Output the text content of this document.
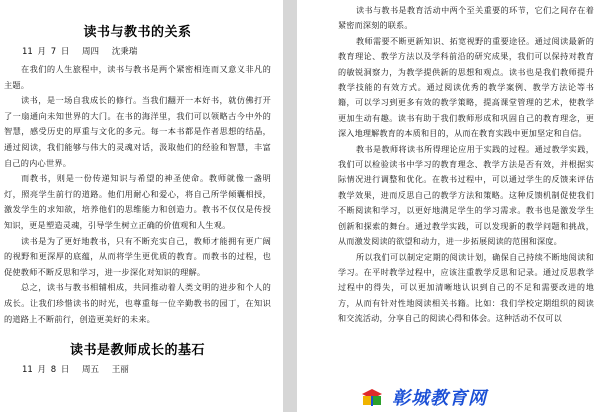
读书与教书的关系
11 月 7 日 周四 沈秉瑞

在我们的人生旅程中，读书与教书是两个紧密相连而又意义非凡的主题。

读书，是一场自我成长的修行。当我们翻开一本好书，就仿佛打开了一扇通向未知世界的大门。在书的海洋里，我们可以领略古今中外的智慧，感受历史的厚重与文化的多元。每一本书都是作者思想的结晶，通过阅读，我们能够与伟大的灵魂对话，汲取他们的经验和智慧，丰富自己的内心世界。

而教书，则是一份传递知识与希望的神圣使命。教师就像一盏明灯，照亮学生前行的道路。他们用耐心和爱心，将自己所学倾囊相授，激发学生的求知欲，培养他们的思维能力和创造力。教书不仅仅是传授知识，更是塑造灵魂，引导学生树立正确的价值观和人生观。

读书是为了更好地教书，只有不断充实自己，教师才能拥有更广阔的视野和更深厚的底蕴，从而将学生更优质的教育。而教书的过程，也促使教师不断反思和学习，进一步深化对知识的理解。

总之，读书与教书相辅相成，共同推动着人类文明的进步和个人的成长。让我们珍惜读书的时光，也尊重每一位辛勤教书的园丁，在知识的道路上不断前行，创造更美好的未来。

读书是教师成长的基石
11 月 8 日 周五 王丽

读书与教书是教育活动中两个至关重要的环节，它们之间存在着紧密而深刻的联系。

教师需要不断更新知识、拓宽视野的重要途径。通过阅读最新的教育理论、教学方法以及学科前沿的研究成果，我们可以保持对教育的敏锐洞察力，为教学提供新的思想和观点。读书也是我们教师提升教学技能的有效方式。通过阅读优秀的教学案例、教学方法论等书籍，可以学习到更多有效的教学策略，提高课堂管理的艺术，使教学更加生动有趣。读书有助于我们教师形成和巩固自己的教育理念，更深入地理解教育的本质和目的，从而在教育实践中更加坚定和自信。

教书是教师将读书所得理论应用于实践的过程。通过教学实践，我们可以检验读书中学习的教育理念、教学方法是否有效，并根据实际情况进行调整和优化。在教书过程中，可以通过学生的反馈来评估教学效果，进而反思自己的教学方法和策略。这种反馈机制促使我们不断阅读和学习，以更好地满足学生的学习需求。教书也是激发学生创新和探索的舞台。通过教学实践，可以发现新的教学问题和挑战，从而激发阅读的欲望和动力，进一步拓展阅读的范围和深度。

所以我们可以制定定期的阅读计划，确保自己持续不断地阅读和学习。在平时教学过程中，应该注重教学反思和记录。通过反思教学过程中的得失，可以更加清晰地认识到自己的不足和需要改进的地方，从而有针对性地阅读相关书籍。比如：我们学校定期组织的阅读和交流活动，分享自己的阅读心得和体会。这种活动不仅可以

彰城教育网
